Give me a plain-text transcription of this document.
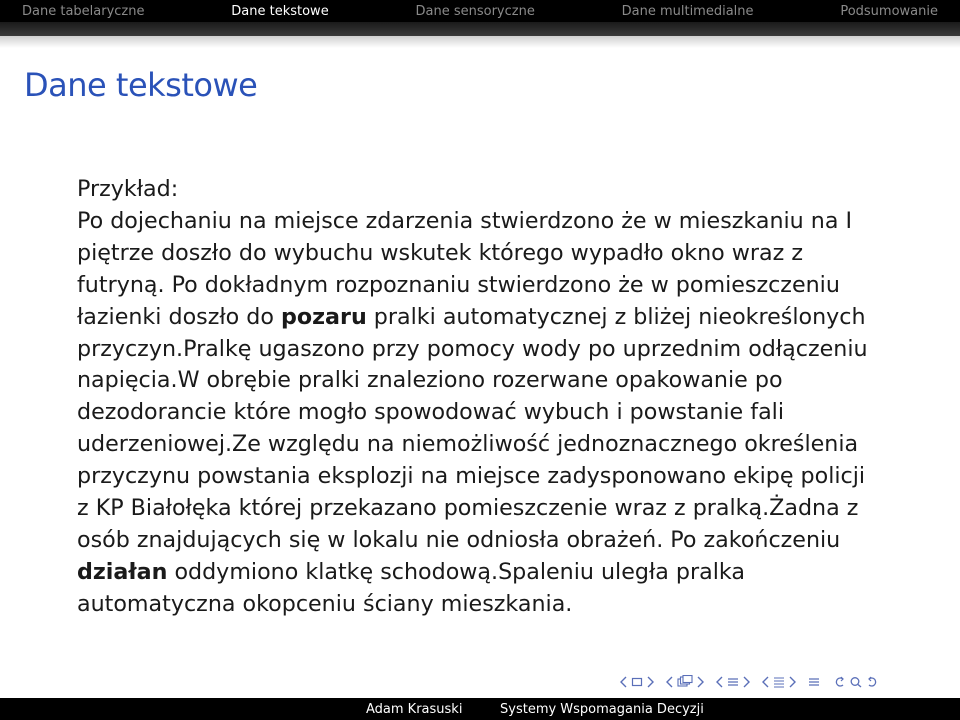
Dane tabelaryczne	Dane tekstowe	Dane sensoryczne	Dane multimedialne	Podsumowanie
Dane tekstowe

Przykład:

Po dojechaniu na miejsce zdarzenia stwierdzono że w mieszkaniu na I piętrze doszło do wybuchu wskutek którego wypadło okno wraz z futryną. Po dokładnym rozpoznaniu stwierdzono że w pomieszczeniu łazienki doszło do pozaru pralki automatycznej z bliżej nieokreślonych przyczyn.Pralkę ugaszono przy pomocy wody po uprzednim odłączeniu napięcia.W obrębie pralki znaleziono rozerwane opakowanie po dezodorancie które mogło spowodować wybuch i powstanie fali uderzeniowej.Ze względu na niemożliwość jednoznacznego określenia przyczynu powstania eksplozji na miejsce zadysponowano ekipę policji z KP Białołęka której przekazano pomieszczenie wraz z pralką.Żadna z osób znajdujących się w lokalu nie odniosła obrażeń. Po zakończeniu działan oddymiono klatkę schodową.Spaleniu uległa pralka automatyczna okopceniu ściany mieszkania.

Adam Krasuski	Systemy Wspomagania Decyzji
